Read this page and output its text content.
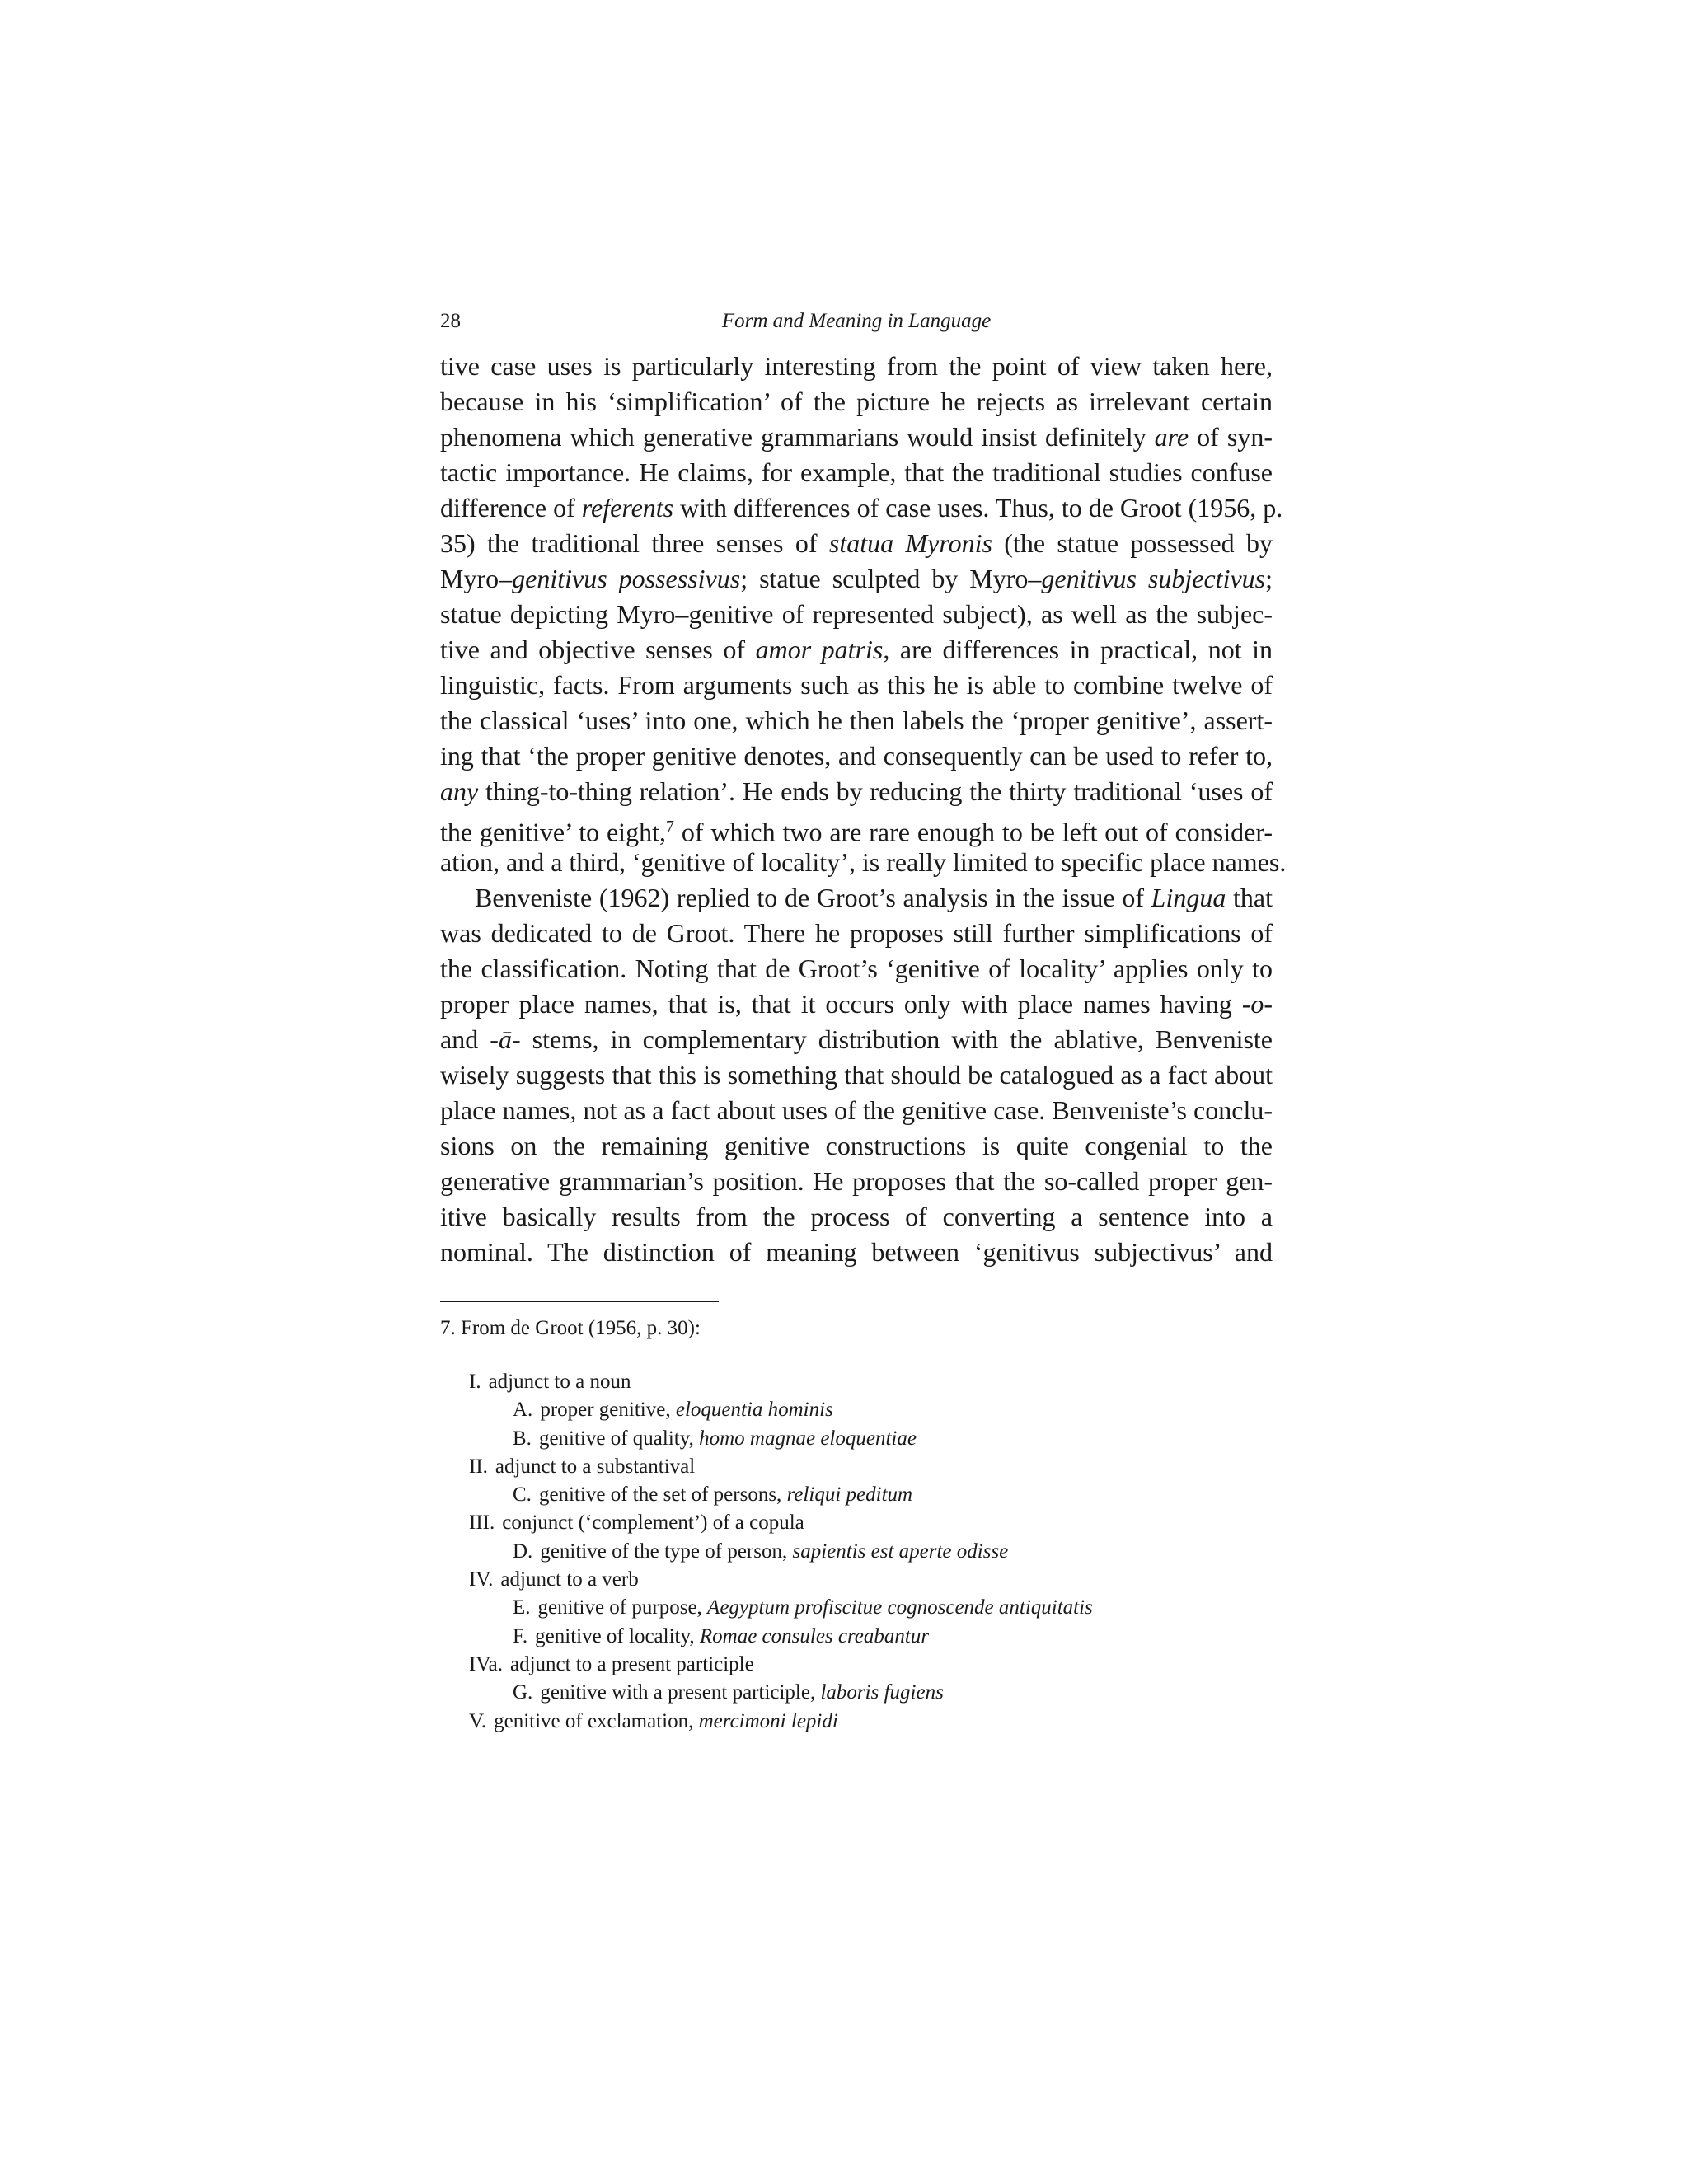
28	Form and Meaning in Language
tive case uses is particularly interesting from the point of view taken here,
because in his ‘simplification’ of the picture he rejects as irrelevant certain
phenomena which generative grammarians would insist definitely are of syn-
tactic importance. He claims, for example, that the traditional studies confuse
difference of referents with differences of case uses. Thus, to de Groot (1956, p.
35) the traditional three senses of statua Myronis (the statue possessed by
Myro–genitivus possessivus; statue sculpted by Myro–genitivus subjectivus;
statue depicting Myro–genitive of represented subject), as well as the subjec-
tive and objective senses of amor patris, are differences in practical, not in
linguistic, facts. From arguments such as this he is able to combine twelve of
the classical ‘uses’ into one, which he then labels the ‘proper genitive’, assert-
ing that ‘the proper genitive denotes, and consequently can be used to refer to,
any thing-to-thing relation’. He ends by reducing the thirty traditional ‘uses of
the genitive’ to eight,$^7$ of which two are rare enough to be left out of consider-
ation, and a third, ‘genitive of locality’, is really limited to specific place names.
Benveniste (1962) replied to de Groot’s analysis in the issue of Lingua that
was dedicated to de Groot. There he proposes still further simplifications of
the classification. Noting that de Groot’s ‘genitive of locality’ applies only to
proper place names, that is, that it occurs only with place names having -o-
and -ā- stems, in complementary distribution with the ablative, Benveniste
wisely suggests that this is something that should be catalogued as a fact about
place names, not as a fact about uses of the genitive case. Benveniste’s conclu-
sions on the remaining genitive constructions is quite congenial to the
generative grammarian’s position. He proposes that the so-called proper gen-
itive basically results from the process of converting a sentence into a
nominal. The distinction of meaning between ‘genitivus subjectivus’ and
7. From de Groot (1956, p. 30):
I. adjunct to a noun
A. proper genitive, eloquentia hominis
B. genitive of quality, homo magnae eloquentiae
II. adjunct to a substantival
C. genitive of the set of persons, reliqui peditum
III. conjunct (‘complement’) of a copula
D. genitive of the type of person, sapientis est aperte odisse
IV. adjunct to a verb
E. genitive of purpose, Aegyptum profiscitue cognoscende antiquitatis
F. genitive of locality, Romae consules creabantur
IVa. adjunct to a present participle
G. genitive with a present participle, laboris fugiens
V. genitive of exclamation, mercimoni lepidi
